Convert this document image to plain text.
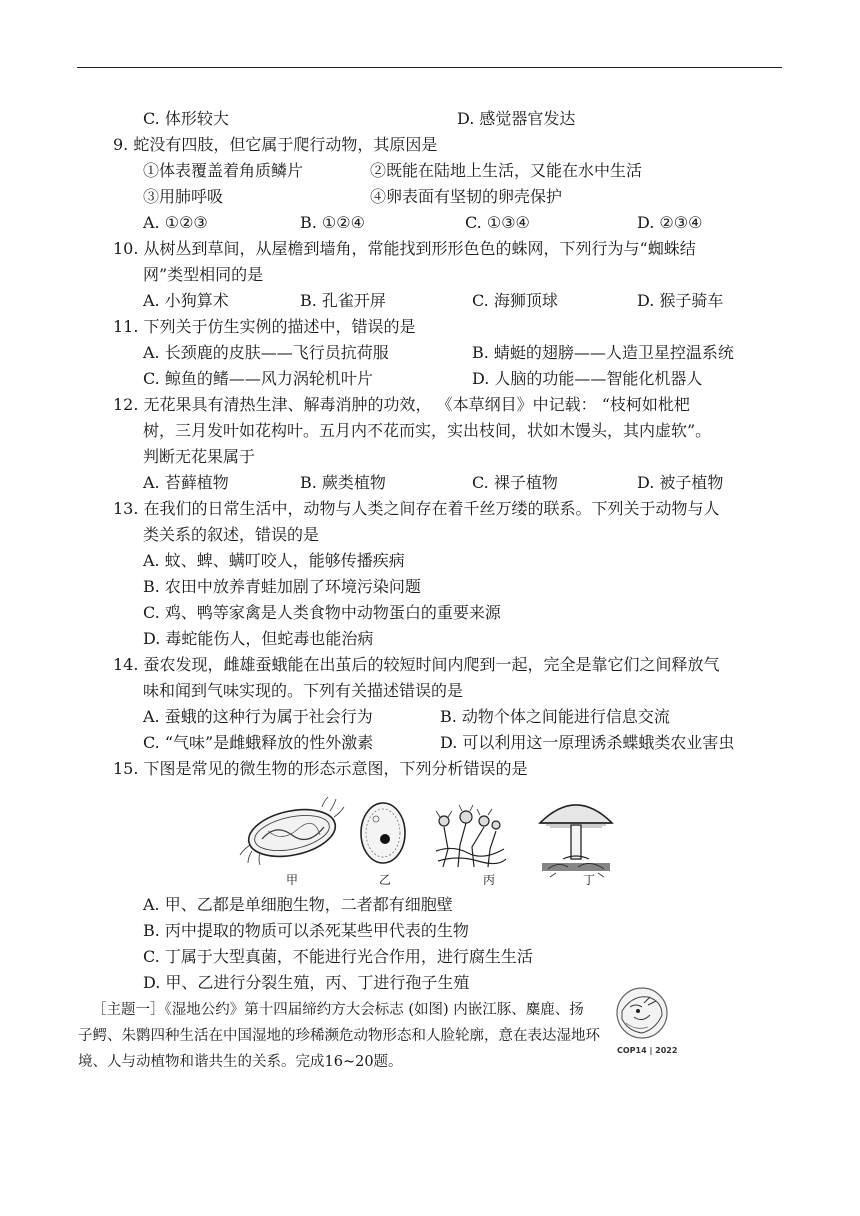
C. 体形较大	D. 感觉器官发达
9. 蛇没有四肢，但它属于爬行动物，其原因是
①体表覆盖着角质鳞片	②既能在陆地上生活，又能在水中生活
③用肺呼吸	④卵表面有坚韧的卵壳保护
A. ①②③	B. ①②④	C. ①③④	D. ②③④
10. 从树丛到草间，从屋檐到墙角，常能找到形形色色的蛛网，下列行为与“蜘蛛结
网”类型相同的是
A. 小狗算术	B. 孔雀开屏	C. 海狮顶球	D. 猴子骑车
11. 下列关于仿生实例的描述中，错误的是
A. 长颈鹿的皮肤——飞行员抗荷服	B. 蜻蜓的翅膀——人造卫星控温系统
C. 鲸鱼的鳍——风力涡轮机叶片	D. 人脑的功能——智能化机器人
12. 无花果具有清热生津、解毒消肿的功效， 《本草纲目》中记载： “枝柯如枇杷
树，三月发叶如花构叶。五月内不花而实，实出枝间，状如木馒头，其内虚软”。
判断无花果属于
A. 苔藓植物	B. 蕨类植物	C. 裸子植物	D. 被子植物
13. 在我们的日常生活中，动物与人类之间存在着千丝万缕的联系。下列关于动物与人
类关系的叙述，错误的是
A. 蚊、蜱、螨叮咬人，能够传播疾病
B. 农田中放养青蛙加剧了环境污染问题
C. 鸡、鸭等家禽是人类食物中动物蛋白的重要来源
D. 毒蛇能伤人，但蛇毒也能治病
14. 蚕农发现，雌雄蚕蛾能在出茧后的较短时间内爬到一起，完全是靠它们之间释放气
味和闻到气味实现的。下列有关描述错误的是
A. 蚕蛾的这种行为属于社会行为	B. 动物个体之间能进行信息交流
C. “气味”是雌蛾释放的性外激素	D. 可以利用这一原理诱杀蝶蛾类农业害虫
15. 下图是常见的微生物的形态示意图，下列分析错误的是
甲	乙	丙	丁
A. 甲、乙都是单细胞生物，二者都有细胞壁
B. 丙中提取的物质可以杀死某些甲代表的生物
C. 丁属于大型真菌，不能进行光合作用，进行腐生生活
D. 甲、乙进行分裂生殖，丙、丁进行孢子生殖
［主题一］《湿地公约》第十四届缔约方大会标志 (如图) 内嵌江豚、麋鹿、扬
子鳄、朱鹮四种生活在中国湿地的珍稀濒危动物形态和人脸轮廓，意在表达湿地环
境、人与动植物和谐共生的关系。完成16~20题。
COP14 | 2022
